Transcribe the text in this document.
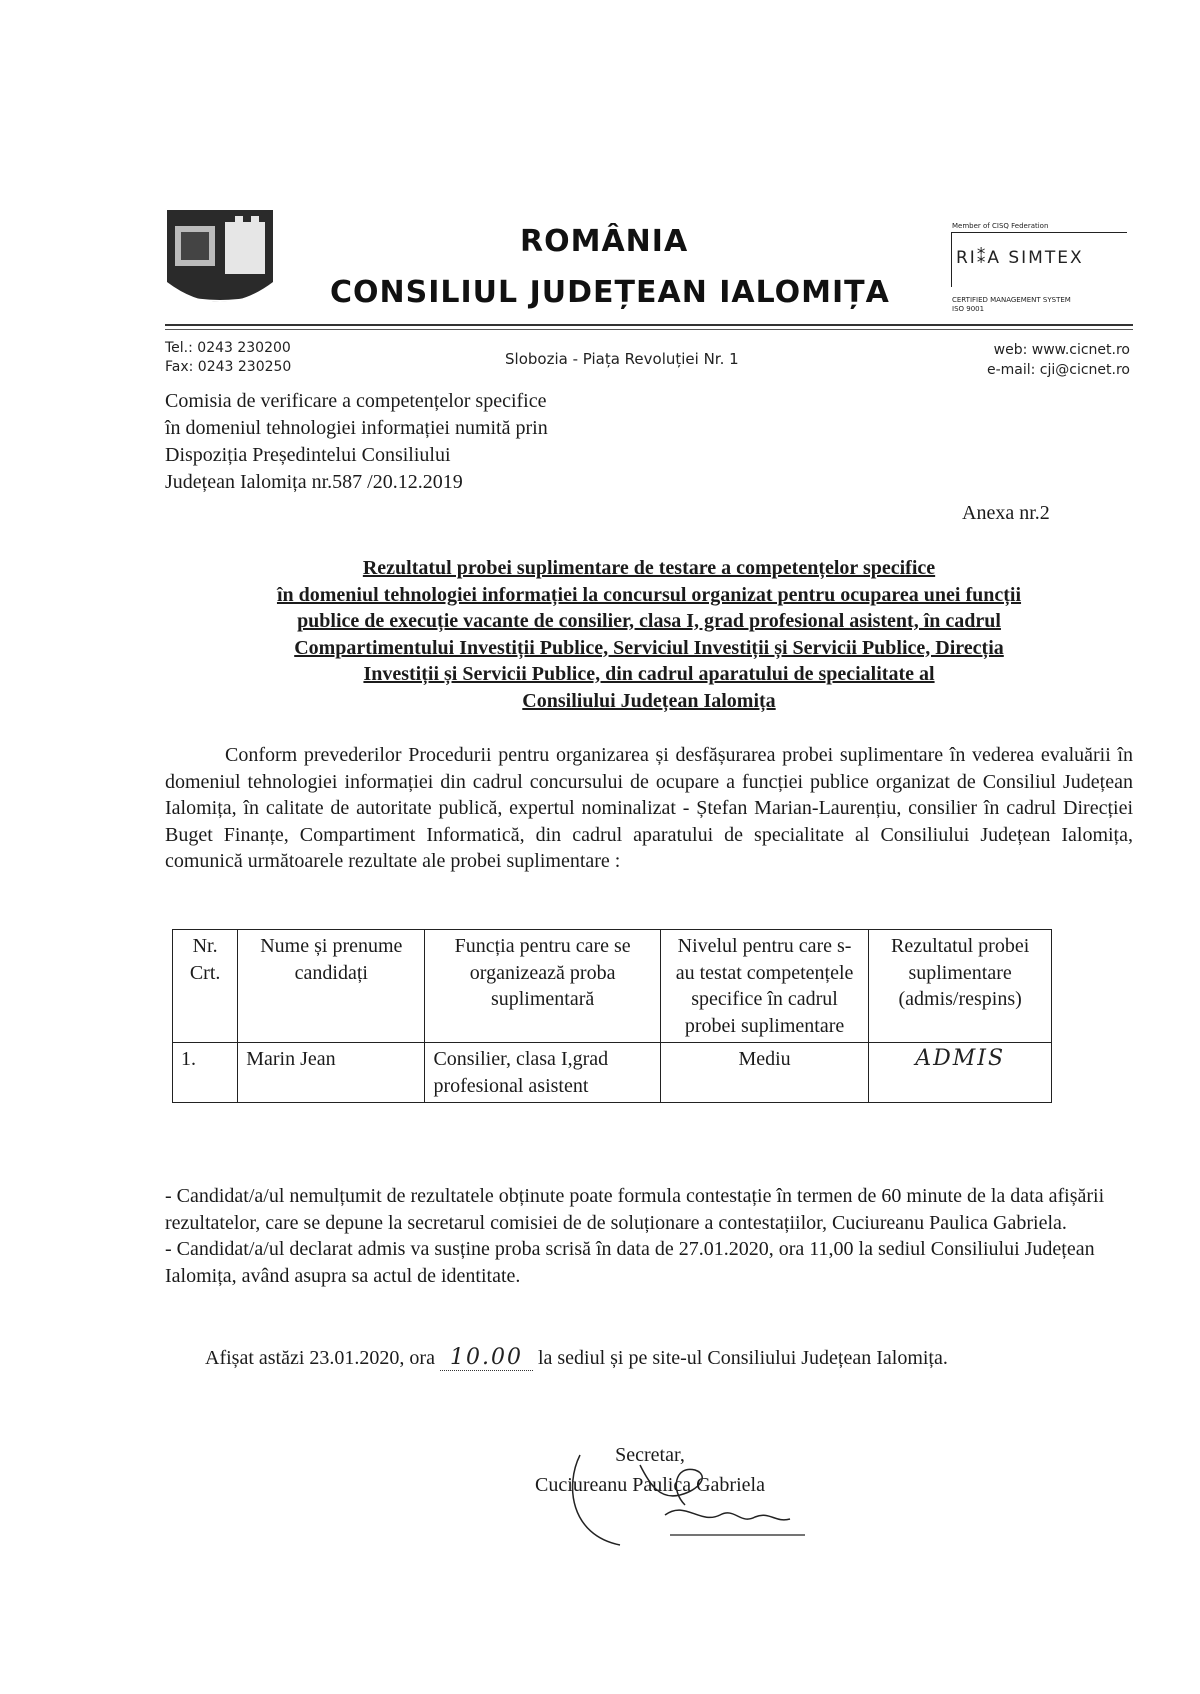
ROMÂNIA
CONSILIUL JUDEȚEAN IALOMIȚA
Member of CISQ Federation
RI⁑A SIMTEX
CERTIFIED MANAGEMENT SYSTEM
ISO 9001
Tel.: 0243 230200
Fax: 0243 230250	Slobozia - Piața Revoluției Nr. 1	web: www.cicnet.ro
e-mail: cji@cicnet.ro
Comisia de verificare a competențelor specifice
în domeniul tehnologiei informației numită prin
Dispoziția Președintelui Consiliului
Județean Ialomița nr.587 /20.12.2019
Anexa nr.2
Rezultatul probei suplimentare de testare a competențelor specifice
în domeniul tehnologiei informației la concursul organizat pentru ocuparea unei funcții
publice de execuție vacante de consilier, clasa I, grad profesional asistent, în cadrul
Compartimentului Investiții Publice, Serviciul Investiții și Servicii Publice, Direcția
Investiții și Servicii Publice, din cadrul aparatului de specialitate al
Consiliului Județean Ialomița
Conform prevederilor Procedurii pentru organizarea și desfășurarea probei suplimentare în vederea evaluării în domeniul tehnologiei informației din cadrul concursului de ocupare a funcției publice organizat de Consiliul Județean Ialomița, în calitate de autoritate publică, expertul nominalizat - Ștefan Marian-Laurențiu, consilier în cadrul Direcției Buget Finanțe, Compartiment Informatică, din cadrul aparatului de specialitate al Consiliului Județean Ialomița, comunică următoarele rezultate ale probei suplimentare :
Nr. Crt.	Nume și prenume candidați	Funcția pentru care se organizează proba suplimentară	Nivelul pentru care s-au testat competențele specifice în cadrul probei suplimentare	Rezultatul probei suplimentare (admis/respins)
1.	Marin Jean	Consilier, clasa I,grad profesional asistent	Mediu	ADMIS

- Candidat/a/ul nemulțumit de rezultatele obținute poate formula contestație în termen de 60 minute de la data afișării rezultatelor, care se depune la secretarul comisiei de de soluționare a contestațiilor, Cuciureanu Paulica Gabriela.

- Candidat/a/ul declarat admis va susține proba scrisă în data de 27.01.2020, ora 11,00 la sediul Consiliului Județean Ialomița, având asupra sa actul de identitate.

Afișat astăzi 23.01.2020, ora 10.00 la sediul și pe site-ul Consiliului Județean Ialomița.
Secretar,
Cuciureanu Paulica Gabriela
